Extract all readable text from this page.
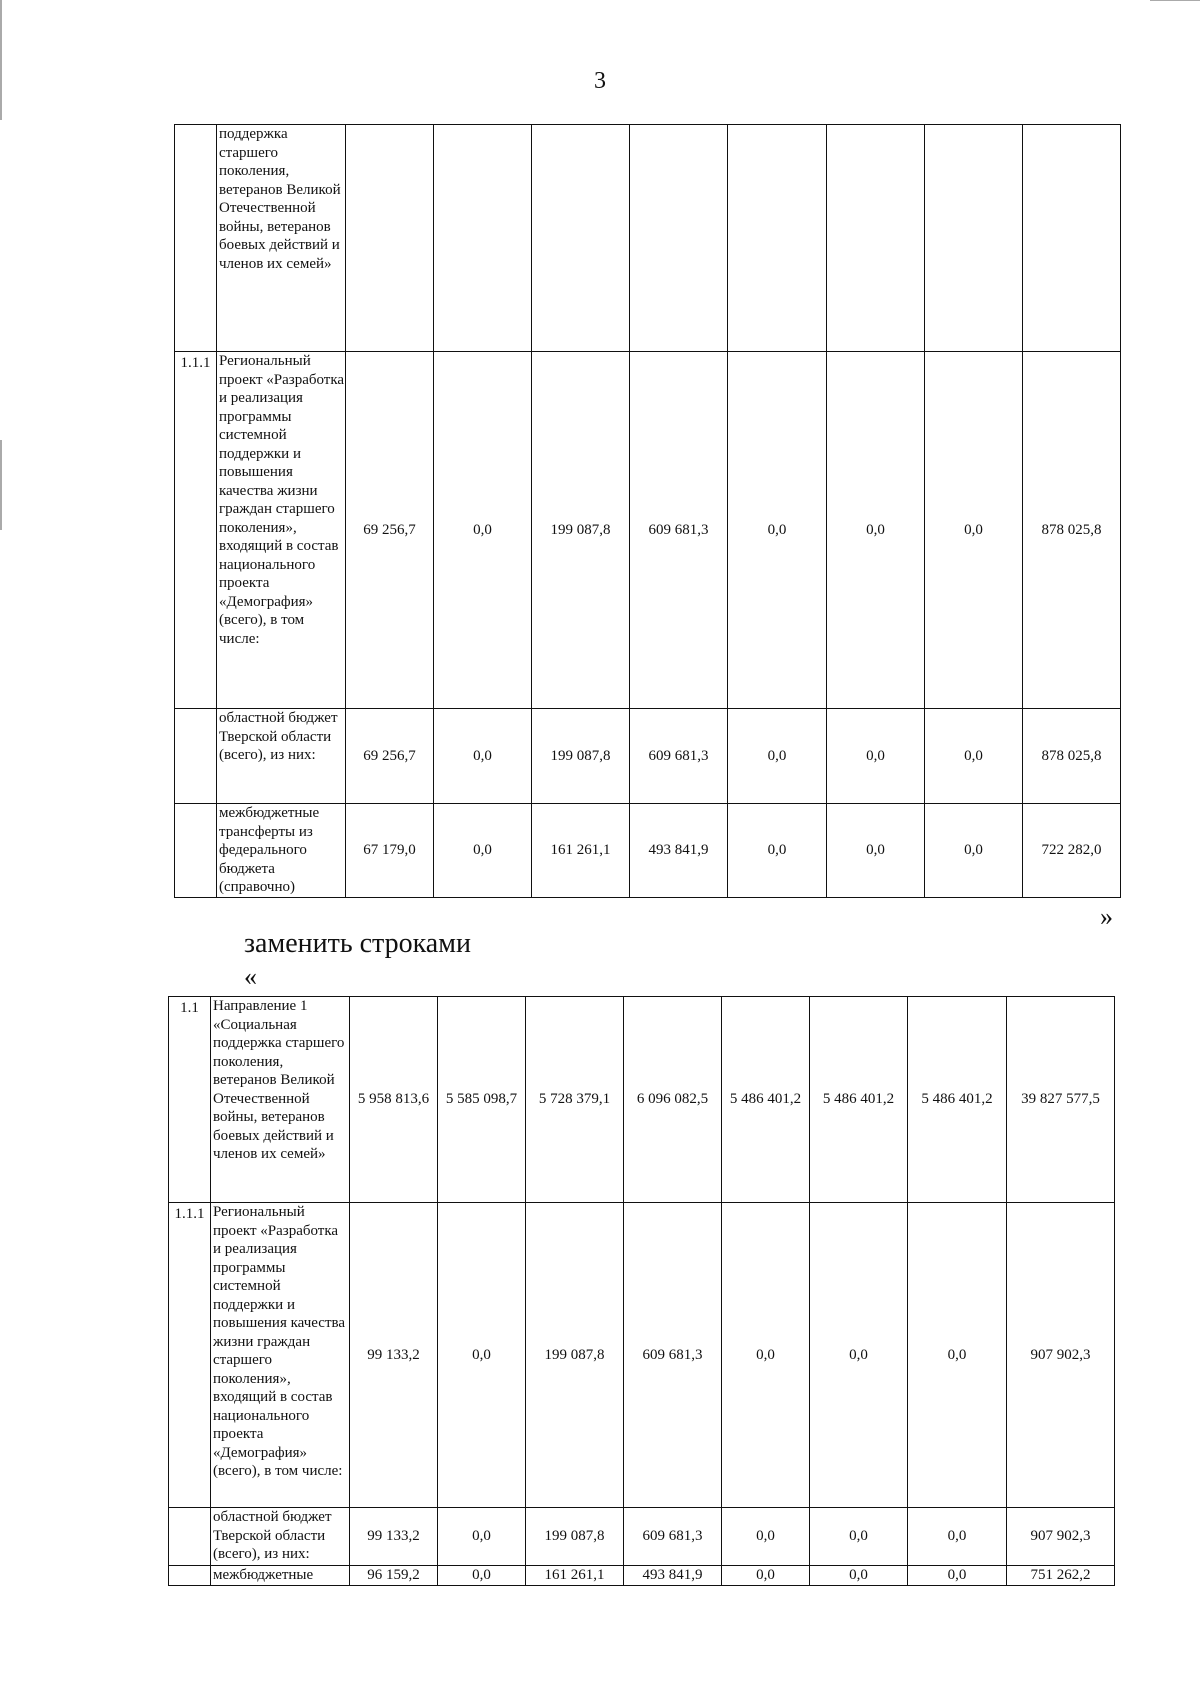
3
	поддержка старшего поколения, ветеранов Великой Отечественной войны, ветеранов боевых действий и членов их семей»								
1.1.1	Региональный проект «Разработка и реализация программы системной поддержки и повышения качества жизни граждан старшего поколения», входящий в состав национального проекта «Демография» (всего), в том числе:	69 256,7	0,0	199 087,8	609 681,3	0,0	0,0	0,0	878 025,8
	областной бюджет Тверской области (всего), из них:	69 256,7	0,0	199 087,8	609 681,3	0,0	0,0	0,0	878 025,8
	межбюджетные трансферты из федерального бюджета (справочно)	67 179,0	0,0	161 261,1	493 841,9	0,0	0,0	0,0	722 282,0
»
заменить строками
«
1.1	Направление 1 «Социальная поддержка старшего поколения, ветеранов Великой Отечественной войны, ветеранов боевых действий и членов их семей»	5 958 813,6	5 585 098,7	5 728 379,1	6 096 082,5	5 486 401,2	5 486 401,2	5 486 401,2	39 827 577,5
1.1.1	Региональный проект «Разработка и реализация программы системной поддержки и повышения качества жизни граждан старшего поколения», входящий в состав национального проекта «Демография» (всего), в том числе:	99 133,2	0,0	199 087,8	609 681,3	0,0	0,0	0,0	907 902,3
	областной бюджет Тверской области (всего), из них:	99 133,2	0,0	199 087,8	609 681,3	0,0	0,0	0,0	907 902,3
	межбюджетные	96 159,2	0,0	161 261,1	493 841,9	0,0	0,0	0,0	751 262,2
